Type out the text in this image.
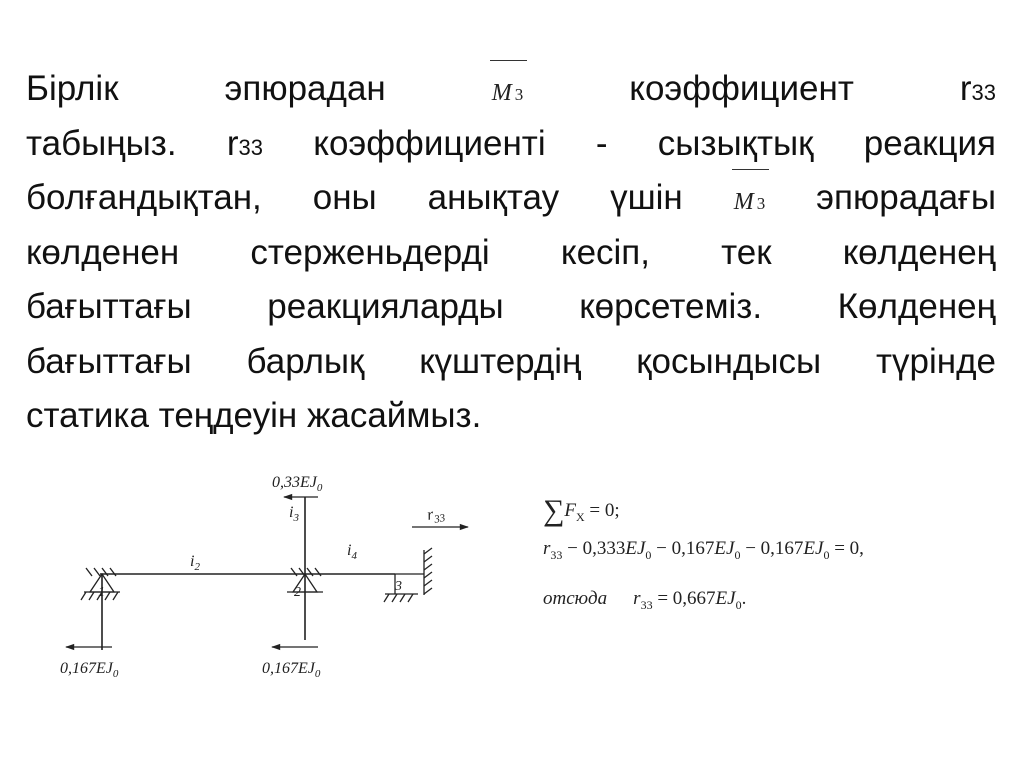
Бірлік	эпюрадан	M 3	коэффициент	r33
табыңыз. r33 коэффициенті - сызықтық реакция
болғандықтан, оны анықтау үшін M 3 эпюрадағы
көлденен стерженьдерді кесіп, тек көлденең
бағыттағы реакцияларды көрсетеміз. Көлденең
бағыттағы барлық күштердің қосындысы түрінде
статика теңдеуін жасаймыз.
$0,33EJ_0$
$r_{33}$
$i_2$
$i_3$
$i_4$
1	2	3
$0,167EJ_0$	$0,167EJ_0$
$\sum F_X = 0$;
$r_{33} - 0,333EJ_0 - 0,167EJ_0 - 0,167EJ_0 = 0$,
отсюда $r_{33} = 0,667EJ_0$.
